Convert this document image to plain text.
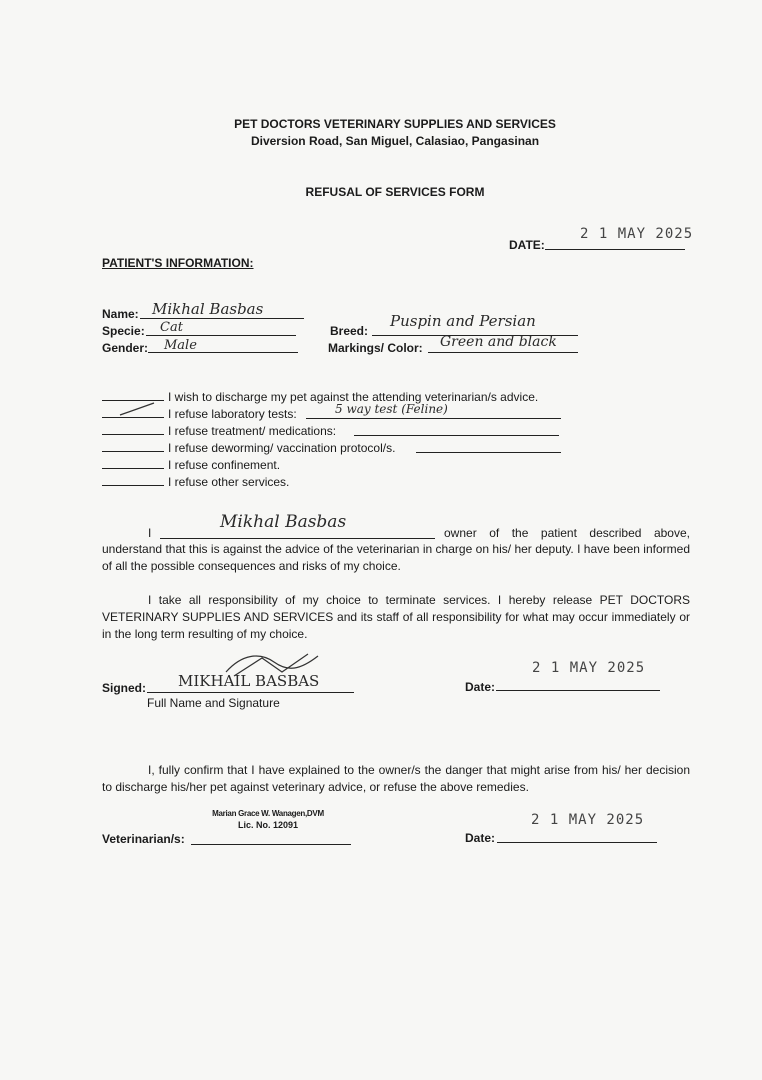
PET DOCTORS VETERINARY SUPPLIES AND SERVICES
Diversion Road, San Miguel, Calasiao, Pangasinan
REFUSAL OF SERVICES FORM
DATE:
2 1 MAY 2025
PATIENT'S INFORMATION:
Name: Mikhal Basbas
Specie: Cat
Gender: Male
Breed:
Puspin and Persian
Markings/ Color: Green and black
I wish to discharge my pet against the attending veterinarian/s advice.
I refuse laboratory tests:	5 way test (Feline)
I refuse treatment/ medications:
I refuse deworming/ vaccination protocol/s.
I refuse confinement.
I refuse other services.
I
Mikhal Basbas
owner of the patient described above,
understand that this is against the advice of the veterinarian in charge on his/ her deputy. I have been informed of all the possible consequences and risks of my choice.
I take all responsibility of my choice to terminate services. I hereby release PET DOCTORS VETERINARY SUPPLIES AND SERVICES and its staff of all responsibility for what may occur immediately or in the long term resulting of my choice.
Signed: MIKHAIL BASBAS
Full Name and Signature
Date:
2 1 MAY 2025
I, fully confirm that I have explained to the owner/s the danger that might arise from his/ her decision to discharge his/her pet against veterinary advice, or refuse the above remedies.
Marian Grace W. Wanagen,DVM
Lic. No. 12091
Veterinarian/s:	Date:
2 1 MAY 2025
